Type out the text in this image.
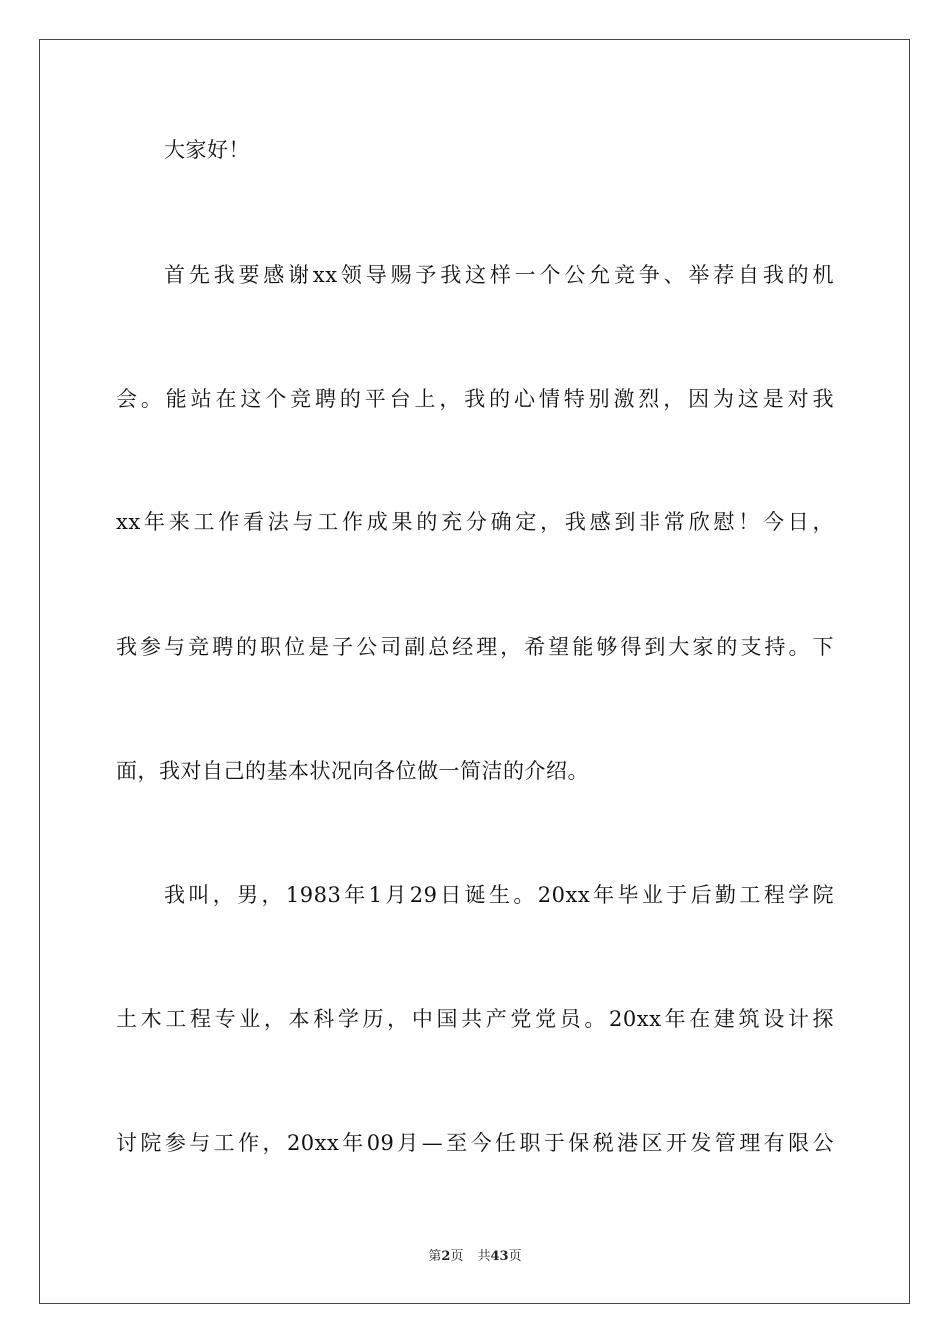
大家好！
首先我要感谢xx领导赐予我这样一个公允竞争、举荐自我的机
会。能站在这个竞聘的平台上，我的心情特别激烈，因为这是对我
xx年来工作看法与工作成果的充分确定，我感到非常欣慰！今日，
我参与竞聘的职位是子公司副总经理，希望能够得到大家的支持。下
面，我对自己的基本状况向各位做一简洁的介绍。
我叫，男，1983年1月29日诞生。20xx年毕业于后勤工程学院
土木工程专业，本科学历，中国共产党党员。20xx年在建筑设计探
讨院参与工作，20xx年09月—至今任职于保税港区开发管理有限公
第2页 共43页
